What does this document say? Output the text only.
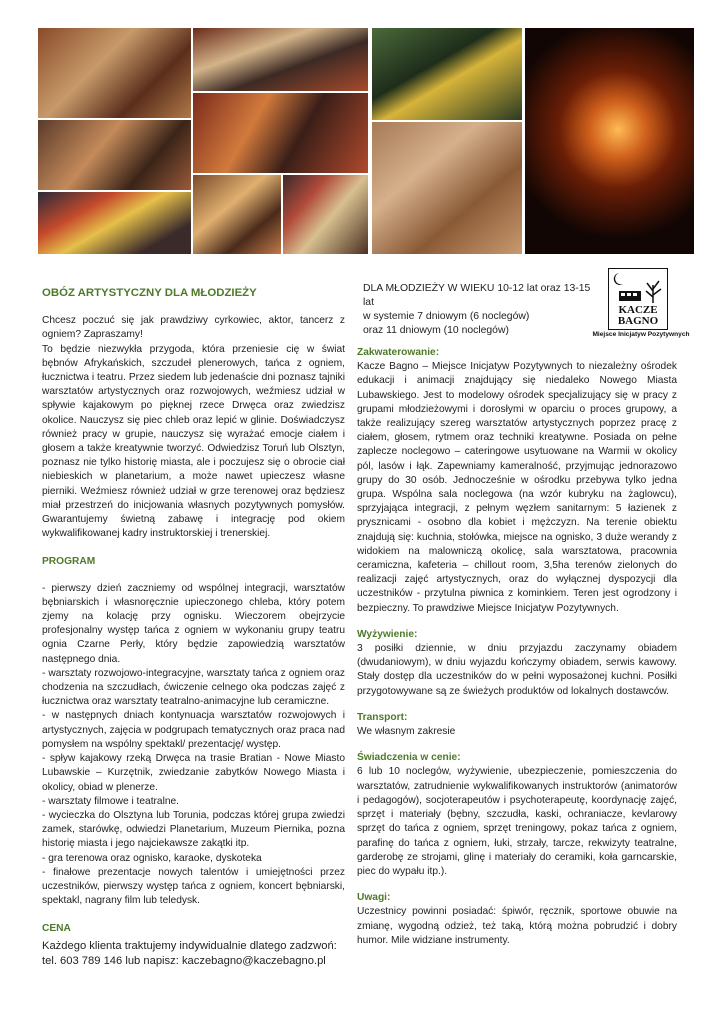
KACZE
BAGNO
Miejsce Inicjatyw Pozytywnych
OBÓZ ARTYSTYCZNY DLA MŁODZIEŻY

Chcesz poczuć się jak prawdziwy cyrkowiec, aktor, tancerz z ogniem? Zapraszamy!

To będzie niezwykła przygoda, która przeniesie cię w świat bębnów Afrykańskich, szczudeł plenerowych, tańca z ogniem, łucznictwa i teatru. Przez siedem lub jedenaście dni poznasz tajniki warsztatów artystycznych oraz rozwojowych, weźmiesz udział w spływie kajakowym po pięknej rzece Drwęca oraz zwiedzisz okolice. Nauczysz się piec chleb oraz lepić w glinie. Doświadczysz również pracy w grupie, nauczysz się wyrażać emocje ciałem i głosem a także kreatywnie tworzyć. Odwiedzisz Toruń lub Olsztyn, poznasz nie tylko historię miasta, ale i poczujesz się o obrocie ciał niebieskich w planetarium, a może nawet upieczesz własne pierniki. Weźmiesz również udział w grze terenowej oraz będziesz miał przestrzeń do inicjowania własnych pozytywnych pomysłów. Gwarantujemy świetną zabawę i integrację pod okiem wykwalifikowanej kadry instruktorskiej i trenerskiej.

PROGRAM

- pierwszy dzień zaczniemy od wspólnej integracji, warsztatów bębniarskich i własnoręcznie upieczonego chleba, który potem zjemy na kolację przy ognisku. Wieczorem obejrzycie profesjonalny występ tańca z ogniem w wykonaniu grupy teatru ognia Czarne Perły, który będzie zapowiedzią warsztatów następnego dnia.

- warsztaty rozwojowo-integracyjne, warsztaty tańca z ogniem oraz chodzenia na szczudłach, ćwiczenie celnego oka podczas zajęć z łucznictwa oraz warsztaty teatralno-animacyjne lub ceramiczne.

- w następnych dniach kontynuacja warsztatów rozwojowych i artystycznych, zajęcia w podgrupach tematycznych oraz praca nad pomysłem na wspólny spektakl/ prezentację/ występ.

- spływ kajakowy rzeką Drwęca na trasie Bratian - Nowe Miasto Lubawskie – Kurzętnik, zwiedzanie zabytków Nowego Miasta i okolicy, obiad w plenerze.

- warsztaty filmowe i teatralne.

- wycieczka do Olsztyna lub Torunia, podczas której grupa zwiedzi zamek, starówkę, odwiedzi Planetarium, Muzeum Piernika, pozna historię miasta i jego najciekawsze zakątki itp.

- gra terenowa oraz ognisko, karaoke, dyskoteka

- finałowe prezentacje nowych talentów i umiejętności przez uczestników, pierwszy występ tańca z ogniem, koncert bębniarski, spektakl, nagrany film lub teledysk.

CENA

Każdego klienta traktujemy indywidualnie dlatego zadzwoń:

tel. 603 789 146 lub napisz: kaczebagno@kaczebagno.pl

DLA MŁODZIEŻY W WIEKU 10-12 lat oraz 13-15 lat

w systemie 7 dniowym (6 noclegów)

oraz 11 dniowym (10 noclegów)

Zakwaterowanie:

Kacze Bagno – Miejsce Inicjatyw Pozytywnych to niezależny ośrodek edukacji i animacji znajdujący się niedaleko Nowego Miasta Lubawskiego. Jest to modelowy ośrodek specjalizujący się w pracy z grupami młodzieżowymi i dorosłymi w oparciu o proces grupowy, a także realizujący szereg warsztatów artystycznych poprzez pracę z ciałem, głosem, rytmem oraz techniki kreatywne. Posiada on pełne zaplecze noclegowo – cateringowe usytuowane na Warmii w okolicy pól, lasów i łąk. Zapewniamy kameralność, przyjmując jednorazowo grupy do 30 osób. Jednocześnie w ośrodku przebywa tylko jedna grupa. Wspólna sala noclegowa (na wzór kubryku na żaglowcu), sprzyjająca integracji, z pełnym węzłem sanitarnym: 5 łazienek z prysznicami - osobno dla kobiet i mężczyzn. Na terenie obiektu znajdują się: kuchnia, stołówka, miejsce na ognisko, 3 duże werandy z widokiem na malowniczą okolicę, sala warsztatowa, pracownia ceramiczna, kafeteria – chillout room, 3,5ha terenów zielonych do realizacji zajęć artystycznych, oraz do wyłącznej dyspozycji dla uczestników - przytulna piwnica z kominkiem. Teren jest ogrodzony i bezpieczny. To prawdziwe Miejsce Inicjatyw Pozytywnych.

Wyżywienie:

3 posiłki dziennie, w dniu przyjazdu zaczynamy obiadem (dwudaniowym), w dniu wyjazdu kończymy obiadem, serwis kawowy. Stały dostęp dla uczestników do w pełni wyposażonej kuchni. Posiłki przygotowywane są ze świeżych produktów od lokalnych dostawców.

Transport:

We własnym zakresie

Świadczenia w cenie:

6 lub 10 noclegów, wyżywienie, ubezpieczenie, pomieszczenia do warsztatów, zatrudnienie wykwalifikowanych instruktorów (animatorów i pedagogów), socjoterapeutów i psychoterapeutę, koordynację zajęć, sprzęt i materiały (bębny, szczudła, kaski, ochraniacze, kevlarowy sprzęt do tańca z ogniem, sprzęt treningowy, pokaz tańca z ogniem, parafinę do tańca z ogniem, łuki, strzały, tarcze, rekwizyty teatralne, garderobę ze strojami, glinę i materiały do ceramiki, koła garncarskie, piec do wypału itp.).

Uwagi:

Uczestnicy powinni posiadać: śpiwór, ręcznik, sportowe obuwie na zmianę, wygodną odzież, też taką, którą można pobrudzić i dobry humor. Mile widziane instrumenty.
